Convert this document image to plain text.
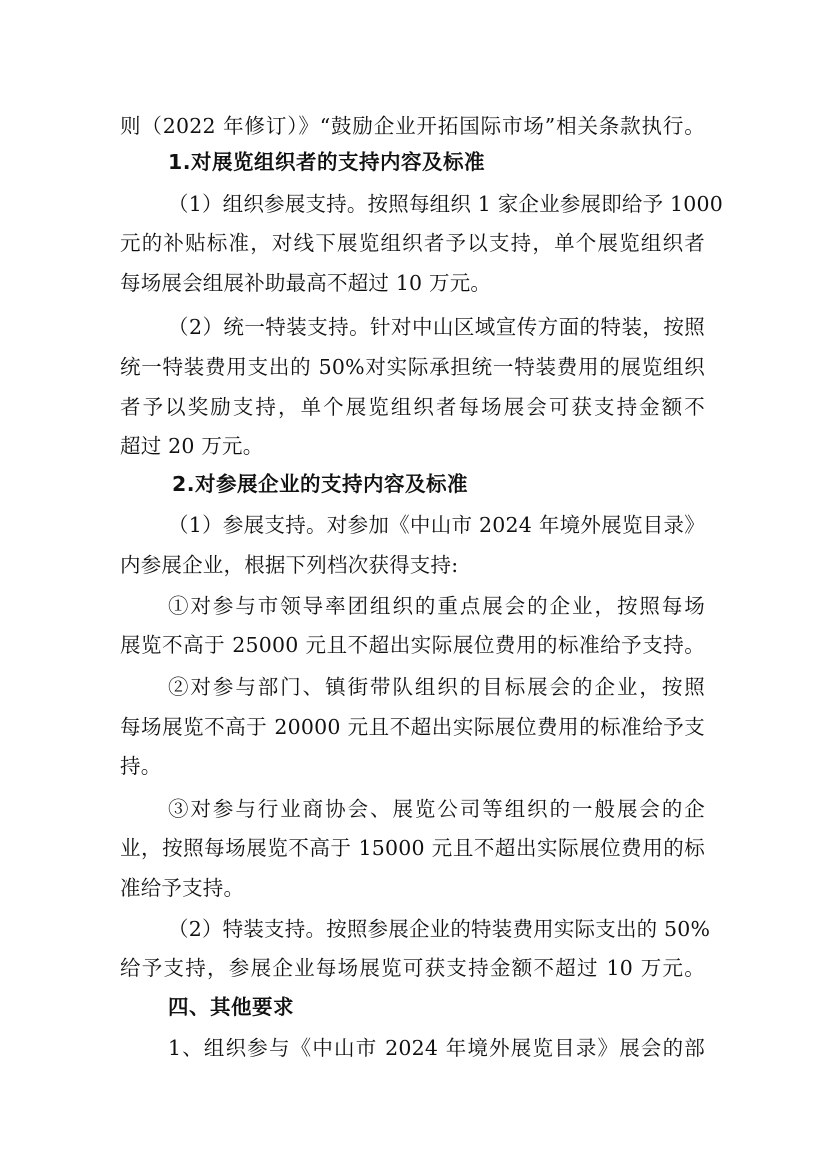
则（2022 年修订）》“鼓励企业开拓国际市场”相关条款执行。
1.对展览组织者的支持内容及标准
（1）组织参展支持。按照每组织 1 家企业参展即给予 1000
元的补贴标准，对线下展览组织者予以支持，单个展览组织者
每场展会组展补助最高不超过 10 万元。
（2）统一特装支持。针对中山区域宣传方面的特装，按照
统一特装费用支出的 50%对实际承担统一特装费用的展览组织
者予以奖励支持，单个展览组织者每场展会可获支持金额不
超过 20 万元。
2.对参展企业的支持内容及标准
（1）参展支持。对参加《中山市 2024 年境外展览目录》
内参展企业，根据下列档次获得支持:
①对参与市领导率团组织的重点展会的企业，按照每场
展览不高于 25000 元且不超出实际展位费用的标准给予支持。
②对参与部门、镇街带队组织的目标展会的企业，按照
每场展览不高于 20000 元且不超出实际展位费用的标准给予支
持。
③对参与行业商协会、展览公司等组织的一般展会的企
业，按照每场展览不高于 15000 元且不超出实际展位费用的标
准给予支持。
（2）特装支持。按照参展企业的特装费用实际支出的 50%
给予支持，参展企业每场展览可获支持金额不超过 10 万元。
四、其他要求
1、组织参与《中山市 2024 年境外展览目录》展会的部
